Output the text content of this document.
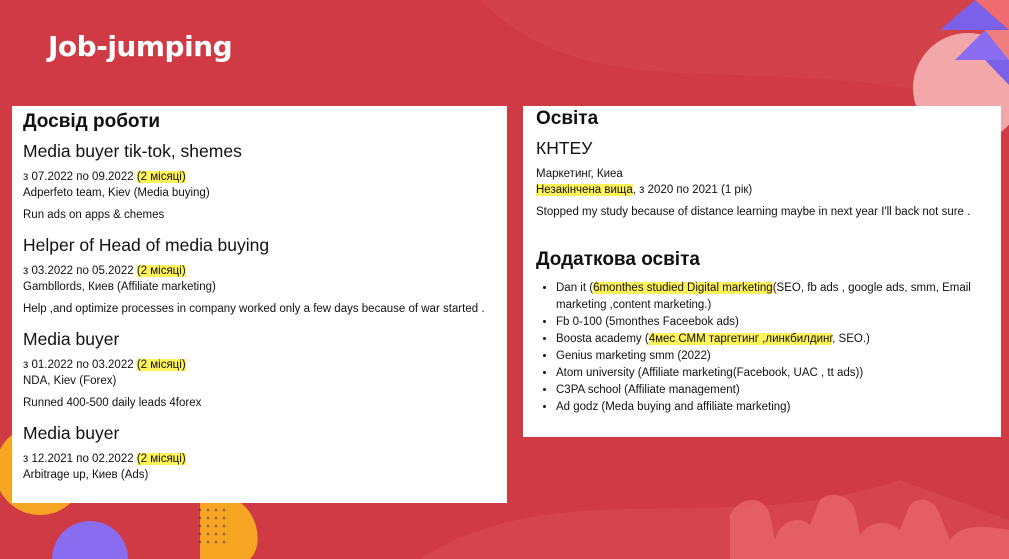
Job-jumping
Досвід роботи
Media buyer tik-tok, shemes

з 07.2022 по 09.2022 (2 місяці)

Adperfeto team, Kiev (Media buying)

Run ads on apps & chemes

Helper of Head of media buying

з 03.2022 по 05.2022 (2 місяці)

Gambllords, Киев (Affiliate marketing)

Help ,and optimize processes in company worked only a few days because of war started .

Media buyer

з 01.2022 по 03.2022 (2 місяці)

NDA, Kiev (Forex)

Runned 400-500 daily leads 4forex

Media buyer

з 12.2021 по 02.2022 (2 місяці)

Arbitrage up, Киев (Ads)

Освіта
КНТЕУ

Маркетинг, Киеа

Незакінчена вища, з 2020 по 2021 (1 рік)

Stopped my study because of distance learning maybe in next year I'll back not sure .

Додаткова освіта
• Dan it (6monthes studied Digital marketing(SEO, fb ads , google ads, smm, Email marketing ,content marketing.)
• Fb 0-100 (5monthes Faceebok ads)
• Boosta academy (4мес СММ таргетинг ,линкбилдинг, SEO.)
• Genius marketing smm (2022)
• Atom university (Affiliate marketing(Facebook, UAC , tt ads))
• C3PA school (Affiliate management)
• Ad godz (Meda buying and affiliate marketing)
